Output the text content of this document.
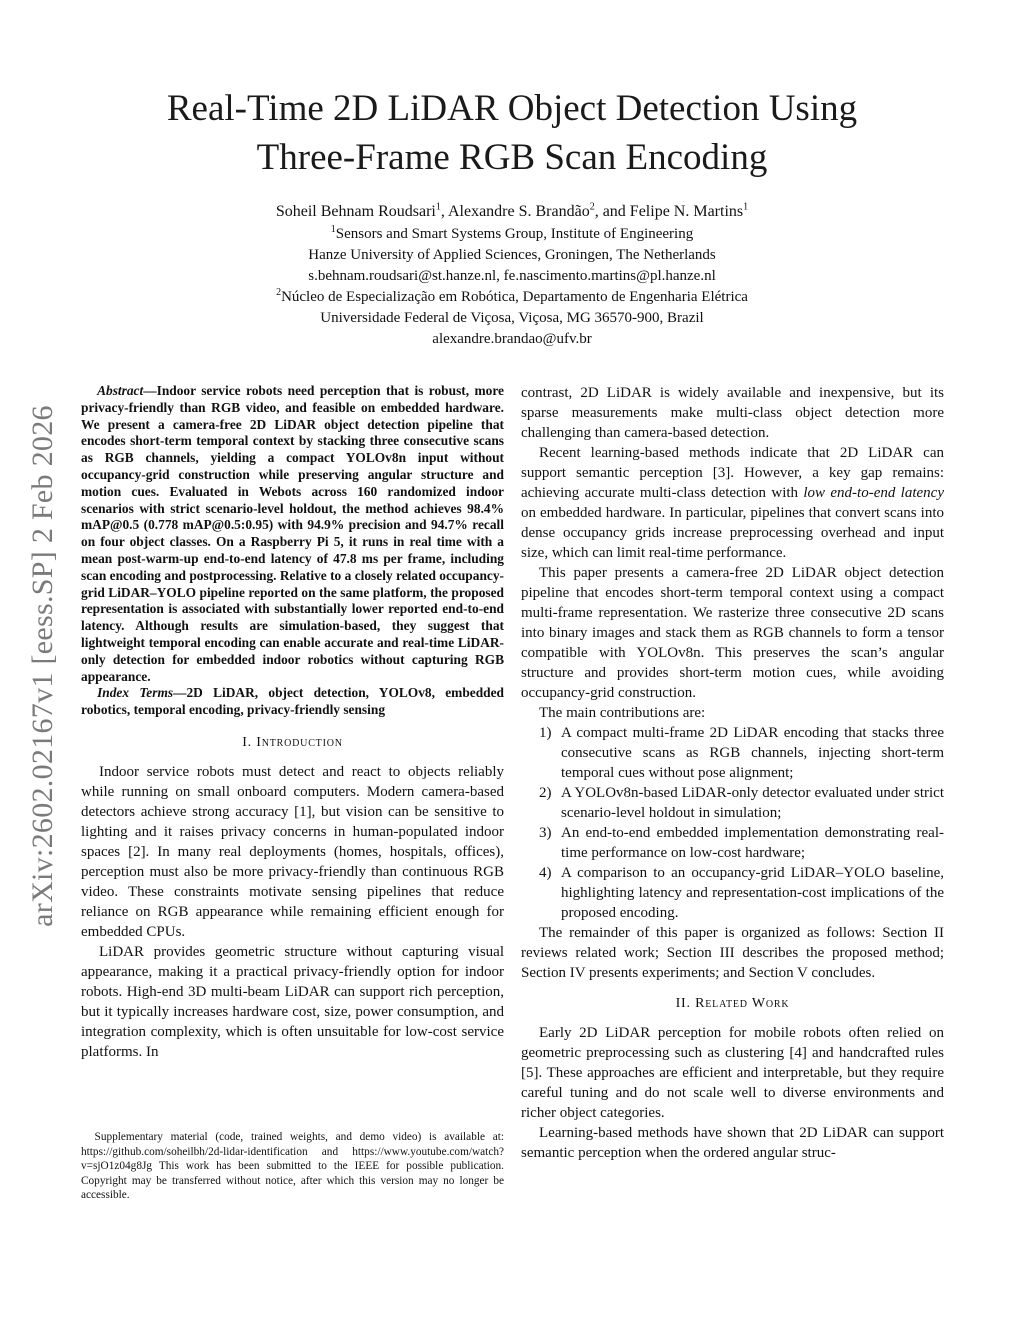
arXiv:2602.02167v1 [eess.SP] 2 Feb 2026
Real-Time 2D LiDAR Object Detection Using
Three-Frame RGB Scan Encoding
Soheil Behnam Roudsari$^1$, Alexandre S. Brandão$^2$, and Felipe N. Martins$^1$
$^1$Sensors and Smart Systems Group, Institute of Engineering
Hanze University of Applied Sciences, Groningen, The Netherlands
s.behnam.roudsari@st.hanze.nl, fe.nascimento.martins@pl.hanze.nl
$^2$Núcleo de Especialização em Robótica, Departamento de Engenharia Elétrica
Universidade Federal de Viçosa, Viçosa, MG 36570-900, Brazil
alexandre.brandao@ufv.br

Abstract—Indoor service robots need perception that is robust, more privacy-friendly than RGB video, and feasible on embedded hardware. We present a camera-free 2D LiDAR object detection pipeline that encodes short-term temporal context by stacking three consecutive scans as RGB channels, yielding a compact YOLOv8n input without occupancy-grid construction while preserving angular structure and motion cues. Evaluated in Webots across 160 randomized indoor scenarios with strict scenario-level holdout, the method achieves 98.4% mAP@0.5 (0.778 mAP@0.5:0.95) with 94.9% precision and 94.7% recall on four object classes. On a Raspberry Pi 5, it runs in real time with a mean post-warm-up end-to-end latency of 47.8 ms per frame, including scan encoding and postprocessing. Relative to a closely related occupancy-grid LiDAR–YOLO pipeline reported on the same platform, the proposed representation is associated with substantially lower reported end-to-end latency. Although results are simulation-based, they suggest that lightweight temporal encoding can enable accurate and real-time LiDAR-only detection for embedded indoor robotics without capturing RGB appearance.

Index Terms—2D LiDAR, object detection, YOLOv8, embedded robotics, temporal encoding, privacy-friendly sensing

I. Introduction

Indoor service robots must detect and react to objects reliably while running on small onboard computers. Modern camera-based detectors achieve strong accuracy [1], but vision can be sensitive to lighting and it raises privacy concerns in human-populated indoor spaces [2]. In many real deployments (homes, hospitals, offices), perception must also be more privacy-friendly than continuous RGB video. These constraints motivate sensing pipelines that reduce reliance on RGB appearance while remaining efficient enough for embedded CPUs.

LiDAR provides geometric structure without capturing visual appearance, making it a practical privacy-friendly option for indoor robots. High-end 3D multi-beam LiDAR can support rich perception, but it typically increases hardware cost, size, power consumption, and integration complexity, which is often unsuitable for low-cost service platforms. In

contrast, 2D LiDAR is widely available and inexpensive, but its sparse measurements make multi-class object detection more challenging than camera-based detection.

Recent learning-based methods indicate that 2D LiDAR can support semantic perception [3]. However, a key gap remains: achieving accurate multi-class detection with low end-to-end latency on embedded hardware. In particular, pipelines that convert scans into dense occupancy grids increase preprocessing overhead and input size, which can limit real-time performance.

This paper presents a camera-free 2D LiDAR object detection pipeline that encodes short-term temporal context using a compact multi-frame representation. We rasterize three consecutive 2D scans into binary images and stack them as RGB channels to form a tensor compatible with YOLOv8n. This preserves the scan’s angular structure and provides short-term motion cues, while avoiding occupancy-grid construction.

The main contributions are:

1) A compact multi-frame 2D LiDAR encoding that stacks three consecutive scans as RGB channels, injecting short-term temporal cues without pose alignment;
2) A YOLOv8n-based LiDAR-only detector evaluated under strict scenario-level holdout in simulation;
3) An end-to-end embedded implementation demonstrating real-time performance on low-cost hardware;
4) A comparison to an occupancy-grid LiDAR–YOLO baseline, highlighting latency and representation-cost implications of the proposed encoding.

The remainder of this paper is organized as follows: Section II reviews related work; Section III describes the proposed method; Section IV presents experiments; and Section V concludes.

II. Related Work

Early 2D LiDAR perception for mobile robots often relied on geometric preprocessing such as clustering [4] and handcrafted rules [5]. These approaches are efficient and interpretable, but they require careful tuning and do not scale well to diverse environments and richer object categories.

Learning-based methods have shown that 2D LiDAR can support semantic perception when the ordered angular struc-

Supplementary material (code, trained weights, and demo video) is available at: https://github.com/soheilbh/2d-lidar-identification and https://www.youtube.com/watch?v=sjO1z04g8Jg This work has been submitted to the IEEE for possible publication. Copyright may be transferred without notice, after which this version may no longer be accessible.
